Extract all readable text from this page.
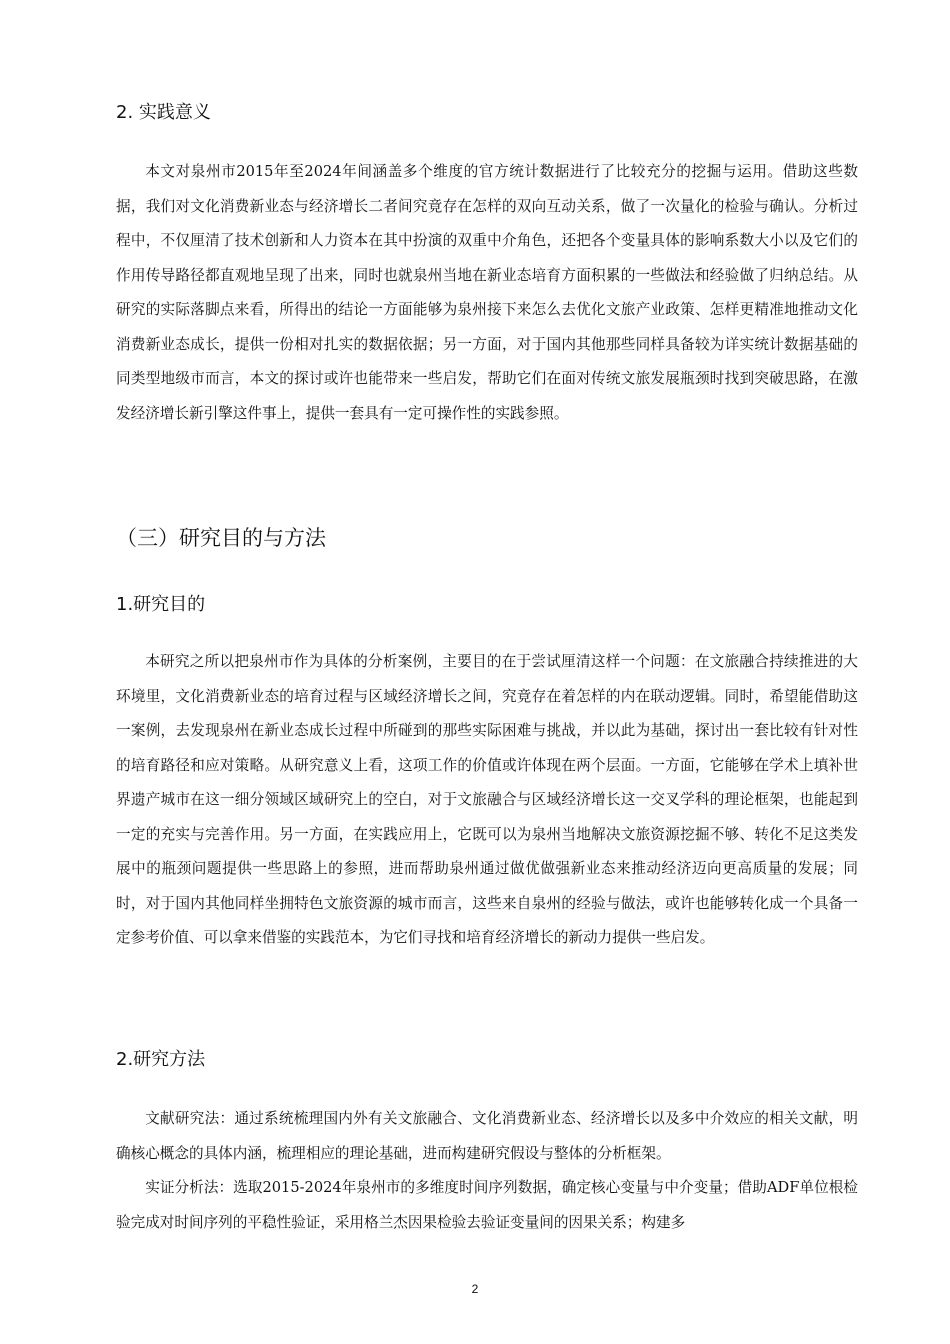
2. 实践意义

本文对泉州市2015年至2024年间涵盖多个维度的官方统计数据进行了比较充分的挖掘与运用。借助这些数据，我们对文化消费新业态与经济增长二者间究竟存在怎样的双向互动关系，做了一次量化的检验与确认。分析过程中，不仅厘清了技术创新和人力资本在其中扮演的双重中介角色，还把各个变量具体的影响系数大小以及它们的作用传导路径都直观地呈现了出来，同时也就泉州当地在新业态培育方面积累的一些做法和经验做了归纳总结。从研究的实际落脚点来看，所得出的结论一方面能够为泉州接下来怎么去优化文旅产业政策、怎样更精准地推动文化消费新业态成长，提供一份相对扎实的数据依据；另一方面，对于国内其他那些同样具备较为详实统计数据基础的同类型地级市而言，本文的探讨或许也能带来一些启发，帮助它们在面对传统文旅发展瓶颈时找到突破思路，在激发经济增长新引擎这件事上，提供一套具有一定可操作性的实践参照。

（三）研究目的与方法
1.研究目的

本研究之所以把泉州市作为具体的分析案例，主要目的在于尝试厘清这样一个问题：在文旅融合持续推进的大环境里，文化消费新业态的培育过程与区域经济增长之间，究竟存在着怎样的内在联动逻辑。同时，希望能借助这一案例，去发现泉州在新业态成长过程中所碰到的那些实际困难与挑战，并以此为基础，探讨出一套比较有针对性的培育路径和应对策略。从研究意义上看，这项工作的价值或许体现在两个层面。一方面，它能够在学术上填补世界遗产城市在这一细分领域区域研究上的空白，对于文旅融合与区域经济增长这一交叉学科的理论框架，也能起到一定的充实与完善作用。另一方面，在实践应用上，它既可以为泉州当地解决文旅资源挖掘不够、转化不足这类发展中的瓶颈问题提供一些思路上的参照，进而帮助泉州通过做优做强新业态来推动经济迈向更高质量的发展；同时，对于国内其他同样坐拥特色文旅资源的城市而言，这些来自泉州的经验与做法，或许也能够转化成一个具备一定参考价值、可以拿来借鉴的实践范本，为它们寻找和培育经济增长的新动力提供一些启发。

2.研究方法

文献研究法：通过系统梳理国内外有关文旅融合、文化消费新业态、经济增长以及多中介效应的相关文献，明确核心概念的具体内涵，梳理相应的理论基础，进而构建研究假设与整体的分析框架。

实证分析法：选取2015-2024年泉州市的多维度时间序列数据，确定核心变量与中介变量；借助ADF单位根检验完成对时间序列的平稳性验证，采用格兰杰因果检验去验证变量间的因果关系；构建多

2
